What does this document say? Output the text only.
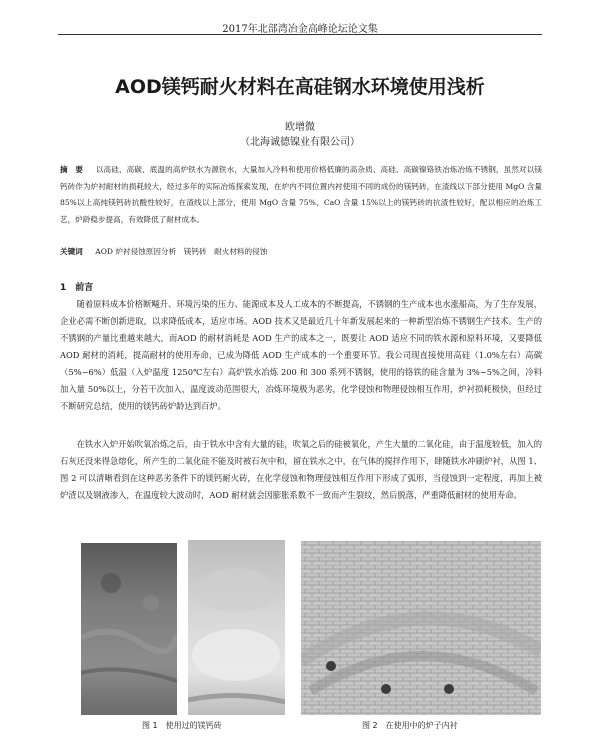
2017年北部湾冶金高峰论坛论文集
AOD镁钙耐火材料在高硅钢水环境使用浅析
欧增微
（北海诚德镍业有限公司）
摘　要 　 以高硅、高碳、底温的高炉铁水为源铁水，大量加入冷料和使用价格低廉的高杂质、高硅、高碳镍铬铁冶炼冶炼不锈钢，虽然对以镁钙砖作为炉衬耐材的损耗较大，经过多年的实际冶炼探索发现，在炉内不同位置内衬使用不同的成份的镁钙砖，在渣线以下部分使用 MgO 含量 85%以上高纯镁钙砖抗酸性较好，在渣线以上部分，使用 MgO 含量 75%、CaO 含量 15%以上的镁钙砖的抗渣性较好，配以相应的冶炼工艺，炉龄稳步提高，有效降低了耐材成本。
关键词 　 AOD 炉衬侵蚀原因分析　镁钙砖　耐火材料的侵蚀
1　前言

随着原料成本价格断飚升、环境污染的压力、能源成本及人工成本的不断提高，不锈钢的生产成本也水涨船高，为了生存发展，企业必需不断创新进取，以求降低成本，适应市场。AOD 技术又是最近几十年新发展起来的一种新型冶炼不锈钢生产技术。生产的不锈钢的产量比重越来越大，而AOD 的耐材消耗是 AOD 生产的成本之一，既要让 AOD 适应不同的铁水源和原料环境，又要降低AOD 耐材的消耗，提高耐材的使用寿命，已成为降低 AOD 生产成本的一个重要环节。我公司现直接使用高硅（1.0%左右）高碳（5%~6%）低温（入炉温度 1250℃左右）高炉铁水冶炼 200 和 300 系列不锈钢，使用的铬铁的硅含量为 3%~5%之间，冷料加入量 50%以上，分若干次加入，温度波动范围很大，冶炼环境极为恶劣，化学侵蚀和物理侵蚀相互作用，炉衬损耗极快，但经过不断研究总结，使用的镁钙砖炉龄达到百炉。

在铁水入炉开始吹氧冶炼之后，由于铁水中含有大量的硅，吹氧之后的硅被氧化，产生大量的二氧化硅，由于温度较低，加入的石灰还没来得急熔化，所产生的二氧化硅不能及时被石灰中和，留在铁水之中，在气体的搅拌作用下，肆随铁水冲刷炉衬，从图 1、图 2 可以清晰看到在这种恶劣条件下的镁钙耐火砖，在化学侵蚀和物理侵蚀相互作用下形成了弧形，当侵蚀到一定程度，再加上被炉渣以及钢液渗入，在温度较大波动时，AOD 耐材就会因膨胀系数不一致而产生裂纹，然后脱落，严重降低耐材的使用寿命。

图 1　使用过的镁钙砖	图 2　在使用中的炉子内衬
